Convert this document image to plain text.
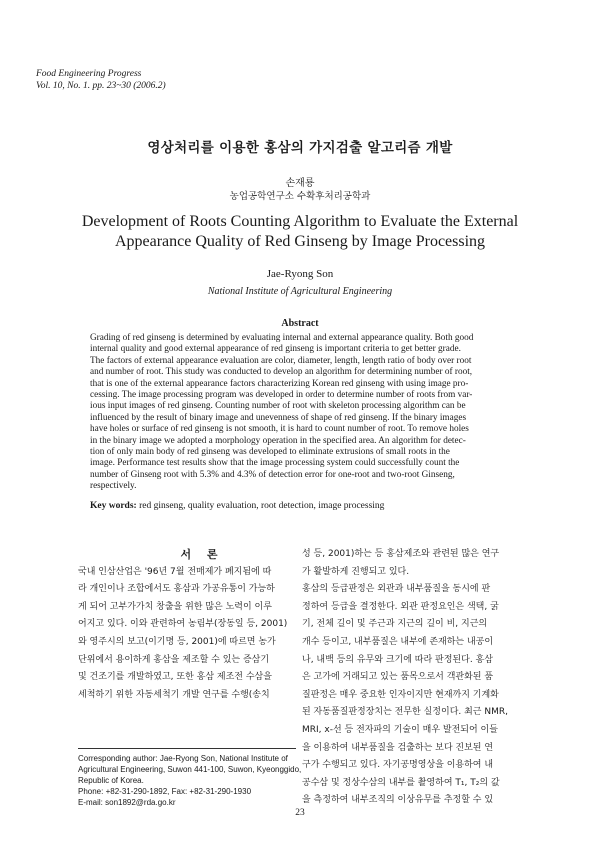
Food Engineering Progress
Vol. 10, No. 1. pp. 23~30 (2006.2)
영상처리를 이용한 홍삼의 가지검출 알고리즘 개발
손재룡
농업공학연구소 수확후처리공학과
Development of Roots Counting Algorithm to Evaluate the External Appearance Quality of Red Ginseng by Image Processing
Jae-Ryong Son
National Institute of Agricultural Engineering
Abstract
Grading of red ginseng is determined by evaluating internal and external appearance quality. Both good
internal quality and good external appearance of red ginseng is important criteria to get better grade.
The factors of external appearance evaluation are color, diameter, length, length ratio of body over root
and number of root. This study was conducted to develop an algorithm for determining number of root,
that is one of the external appearance factors characterizing Korean red ginseng with using image pro-
cessing. The image processing program was developed in order to determine number of roots from var-
ious input images of red ginseng. Counting number of root with skeleton processing algorithm can be
influenced by the result of binary image and unevenness of shape of red ginseng. If the binary images
have holes or surface of red ginseng is not smooth, it is hard to count number of root. To remove holes
in the binary image we adopted a morphology operation in the specified area. An algorithm for detec-
tion of only main body of red ginseng was developed to eliminate extrusions of small roots in the
image. Performance test results show that the image processing system could successfully count the
number of Ginseng root with 5.3% and 4.3% of detection error for one-root and two-root Ginseng,
respectively.
Key words: red ginseng, quality evaluation, root detection, image processing
서 론
국내 인삼산업은 '96년 7월 전매제가 폐지됨에 따
라 개인이나 조합에서도 홍삼과 가공유통이 가능하
게 되어 고부가가치 창출을 위한 많은 노력이 이루
어지고 있다. 이와 관련하여 농림부(장동일 등, 2001)
와 영주시의 보고(이기명 등, 2001)에 따르면 농가
단위에서 용이하게 홍삼을 제조할 수 있는 증삼기
및 건조기를 개발하였고, 또한 홍삼 제조전 수삼을
세척하기 위한 자동세척기 개발 연구를 수행(송치
성 등, 2001)하는 등 홍삼제조와 관련된 많은 연구
가 활발하게 진행되고 있다.
홍삼의 등급판정은 외관과 내부품질을 동시에 판
정하여 등급을 결정한다. 외관 판정요인은 색택, 굵
기, 전체 길이 및 주근과 지근의 길이 비, 지근의
개수 등이고, 내부품질은 내부에 존재하는 내공이
나, 내백 등의 유무와 크기에 따라 판정된다. 홍삼
은 고가에 거래되고 있는 품목으로서 객관화된 품
질판정은 매우 중요한 인자이지만 현재까지 기계화
된 자동품질판정장치는 전무한 실정이다. 최근 NMR,
MRI, x-선 등 전자파의 기술이 매우 발전되어 이들
을 이용하여 내부품질을 검출하는 보다 진보된 연
구가 수행되고 있다. 자기공명영상을 이용하여 내
공수삼 및 정상수삼의 내부를 촬영하여 T₁, T₂의 값
을 측정하여 내부조직의 이상유무를 추정할 수 있
Corresponding author: Jae-Ryong Son, National Institute of
Agricultural Engineering, Suwon 441-100, Suwon, Kyeonggido,
Republic of Korea.
Phone: +82-31-290-1892, Fax: +82-31-290-1930
E-mail: son1892@rda.go.kr
23
